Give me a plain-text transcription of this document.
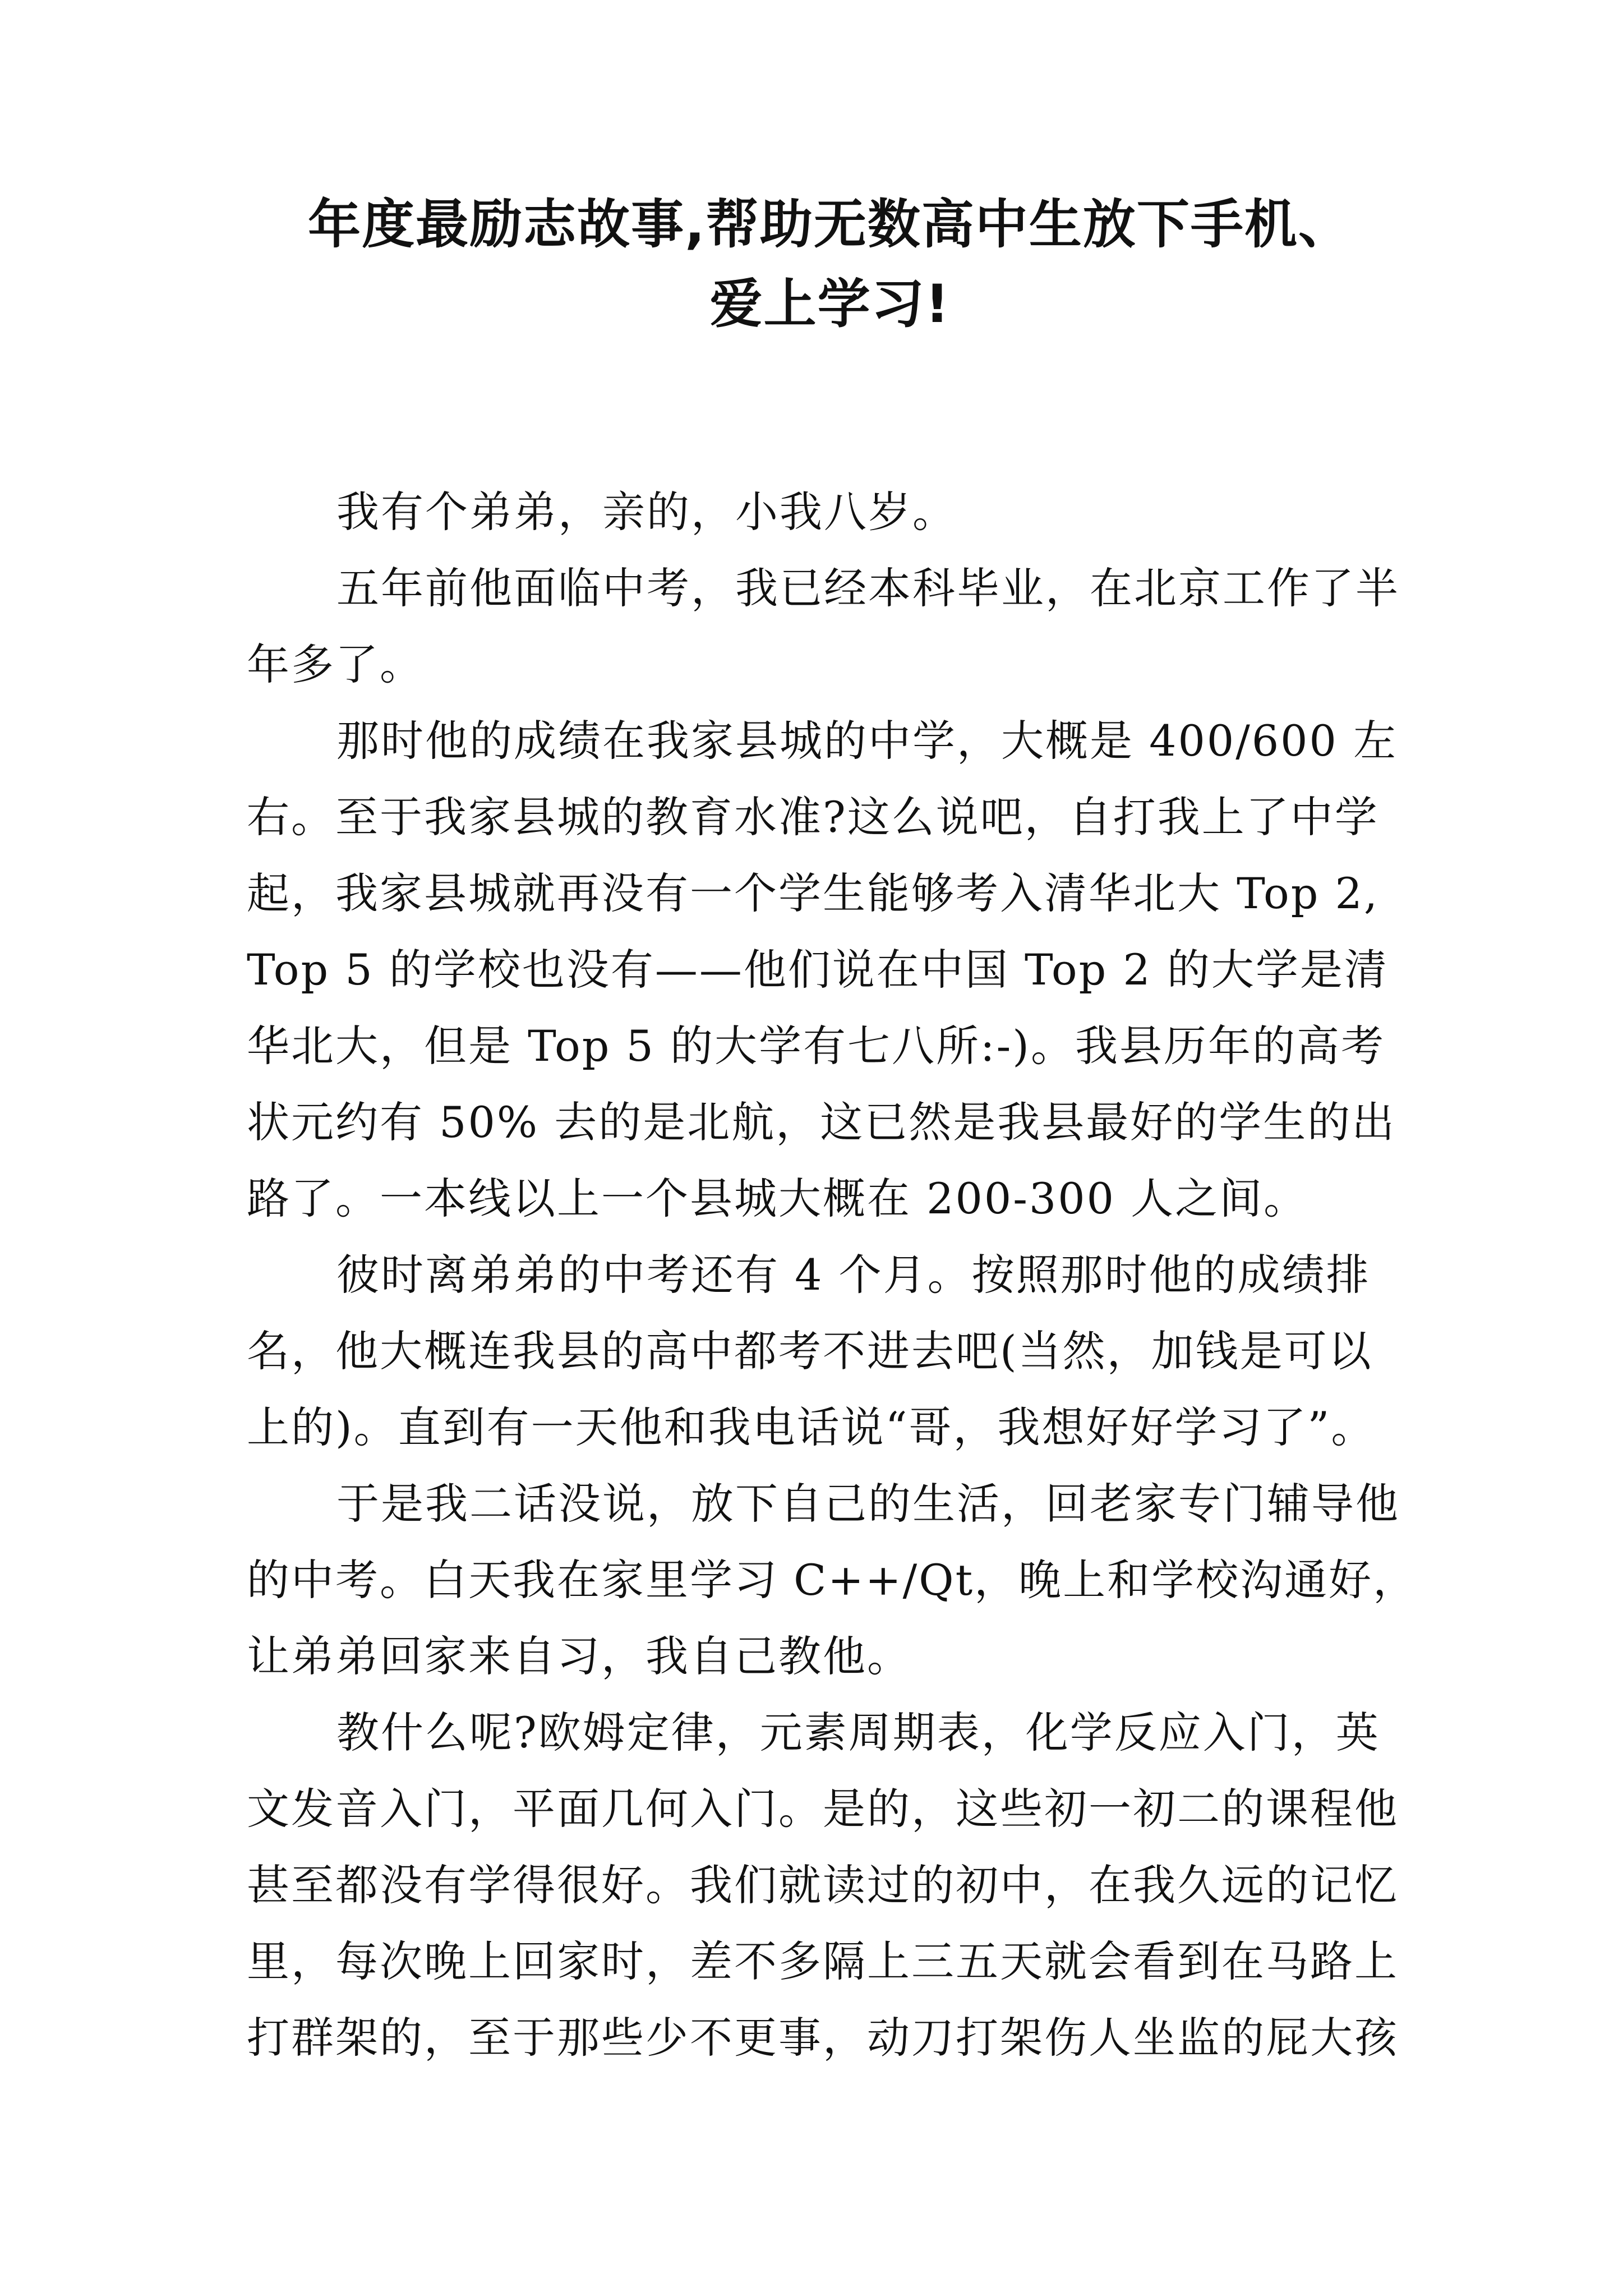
年度最励志故事,帮助无数高中生放下手机、
爱上学习!

我有个弟弟，亲的，小我八岁。

五年前他面临中考，我已经本科毕业，在北京工作了半
年多了。

那时他的成绩在我家县城的中学，大概是 400/600 左
右。至于我家县城的教育水准?这么说吧，自打我上了中学
起，我家县城就再没有一个学生能够考入清华北大 Top 2,
Top 5 的学校也没有——他们说在中国 Top 2 的大学是清
华北大，但是 Top 5 的大学有七八所:-)。我县历年的高考
状元约有 50% 去的是北航，这已然是我县最好的学生的出
路了。一本线以上一个县城大概在 200-300 人之间。

彼时离弟弟的中考还有 4 个月。按照那时他的成绩排
名，他大概连我县的高中都考不进去吧(当然，加钱是可以
上的)。直到有一天他和我电话说“哥，我想好好学习了”。

于是我二话没说，放下自己的生活，回老家专门辅导他
的中考。白天我在家里学习 C++/Qt，晚上和学校沟通好，
让弟弟回家来自习，我自己教他。

教什么呢?欧姆定律，元素周期表，化学反应入门，英
文发音入门，平面几何入门。是的，这些初一初二的课程他
甚至都没有学得很好。我们就读过的初中，在我久远的记忆
里，每次晚上回家时，差不多隔上三五天就会看到在马路上
打群架的，至于那些少不更事，动刀打架伤人坐监的屁大孩
